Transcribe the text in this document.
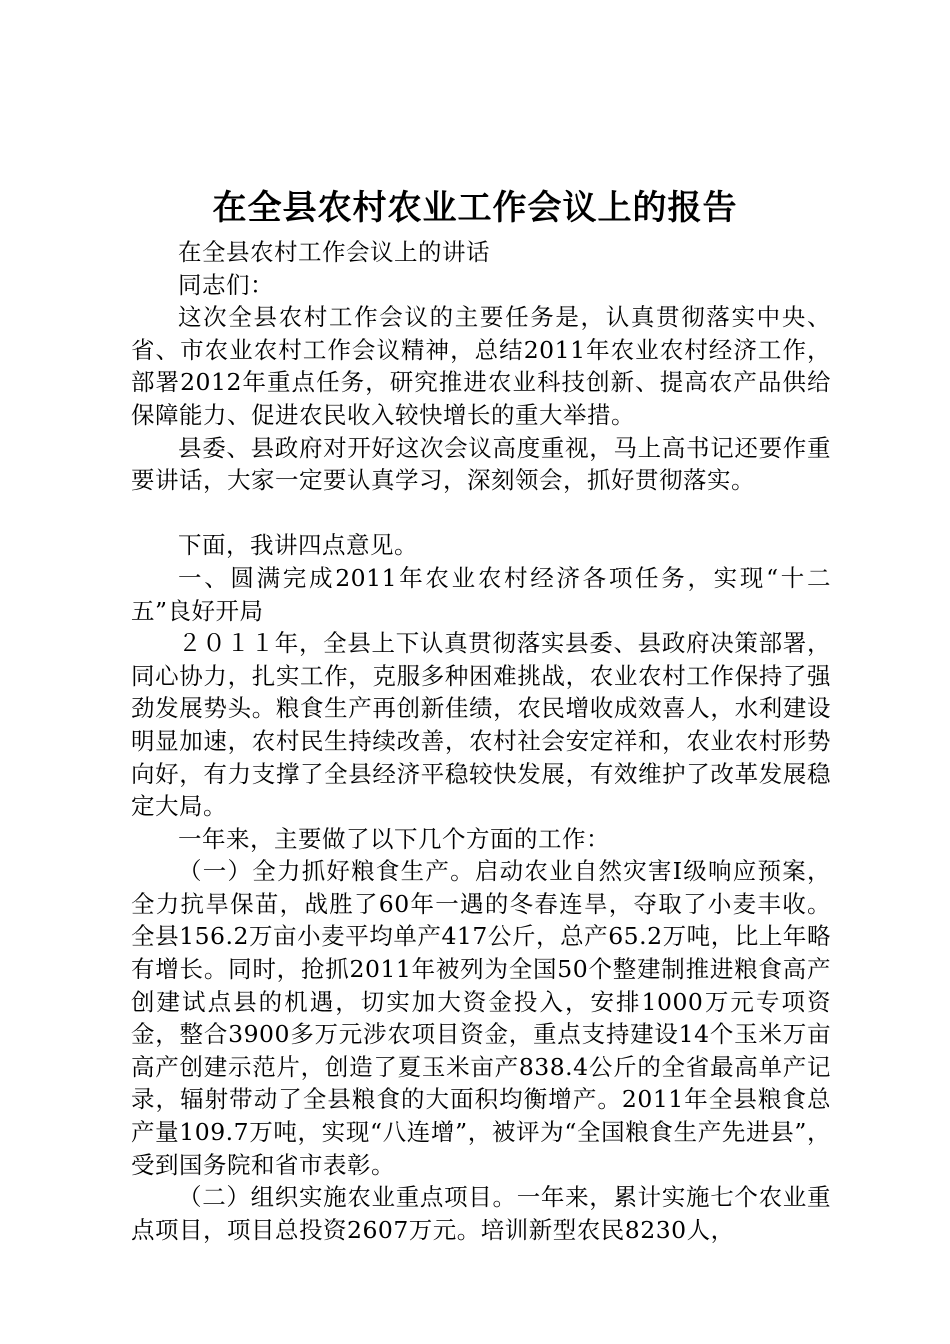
在全县农村农业工作会议上的报告

在全县农村工作会议上的讲话

同志们：

这次全县农村工作会议的主要任务是，认真贯彻落实中央、省、市农业农村工作会议精神，总结2011年农业农村经济工作，部署2012年重点任务，研究推进农业科技创新、提高农产品供给保障能力、促进农民收入较快增长的重大举措。

县委、县政府对开好这次会议高度重视，马上高书记还要作重要讲话，大家一定要认真学习，深刻领会，抓好贯彻落实。

下面，我讲四点意见。

一、圆满完成2011年农业农村经济各项任务，实现“十二五”良好开局

２０１１年，全县上下认真贯彻落实县委、县政府决策部署，同心协力，扎实工作，克服多种困难挑战，农业农村工作保持了强劲发展势头。粮食生产再创新佳绩，农民增收成效喜人，水利建设明显加速，农村民生持续改善，农村社会安定祥和，农业农村形势向好，有力支撑了全县经济平稳较快发展，有效维护了改革发展稳定大局。

一年来，主要做了以下几个方面的工作：

（一）全力抓好粮食生产。启动农业自然灾害Ⅰ级响应预案，全力抗旱保苗，战胜了60年一遇的冬春连旱，夺取了小麦丰收。全县156.2万亩小麦平均单产417公斤，总产65.2万吨，比上年略有增长。同时，抢抓2011年被列为全国50个整建制推进粮食高产创建试点县的机遇，切实加大资金投入，安排1000万元专项资金，整合3900多万元涉农项目资金，重点支持建设14个玉米万亩高产创建示范片，创造了夏玉米亩产838.4公斤的全省最高单产记录，辐射带动了全县粮食的大面积均衡增产。2011年全县粮食总产量109.7万吨，实现“八连增”，被评为“全国粮食生产先进县”，受到国务院和省市表彰。

（二）组织实施农业重点项目。一年来，累计实施七个农业重点项目，项目总投资2607万元。培训新型农民8230人，
